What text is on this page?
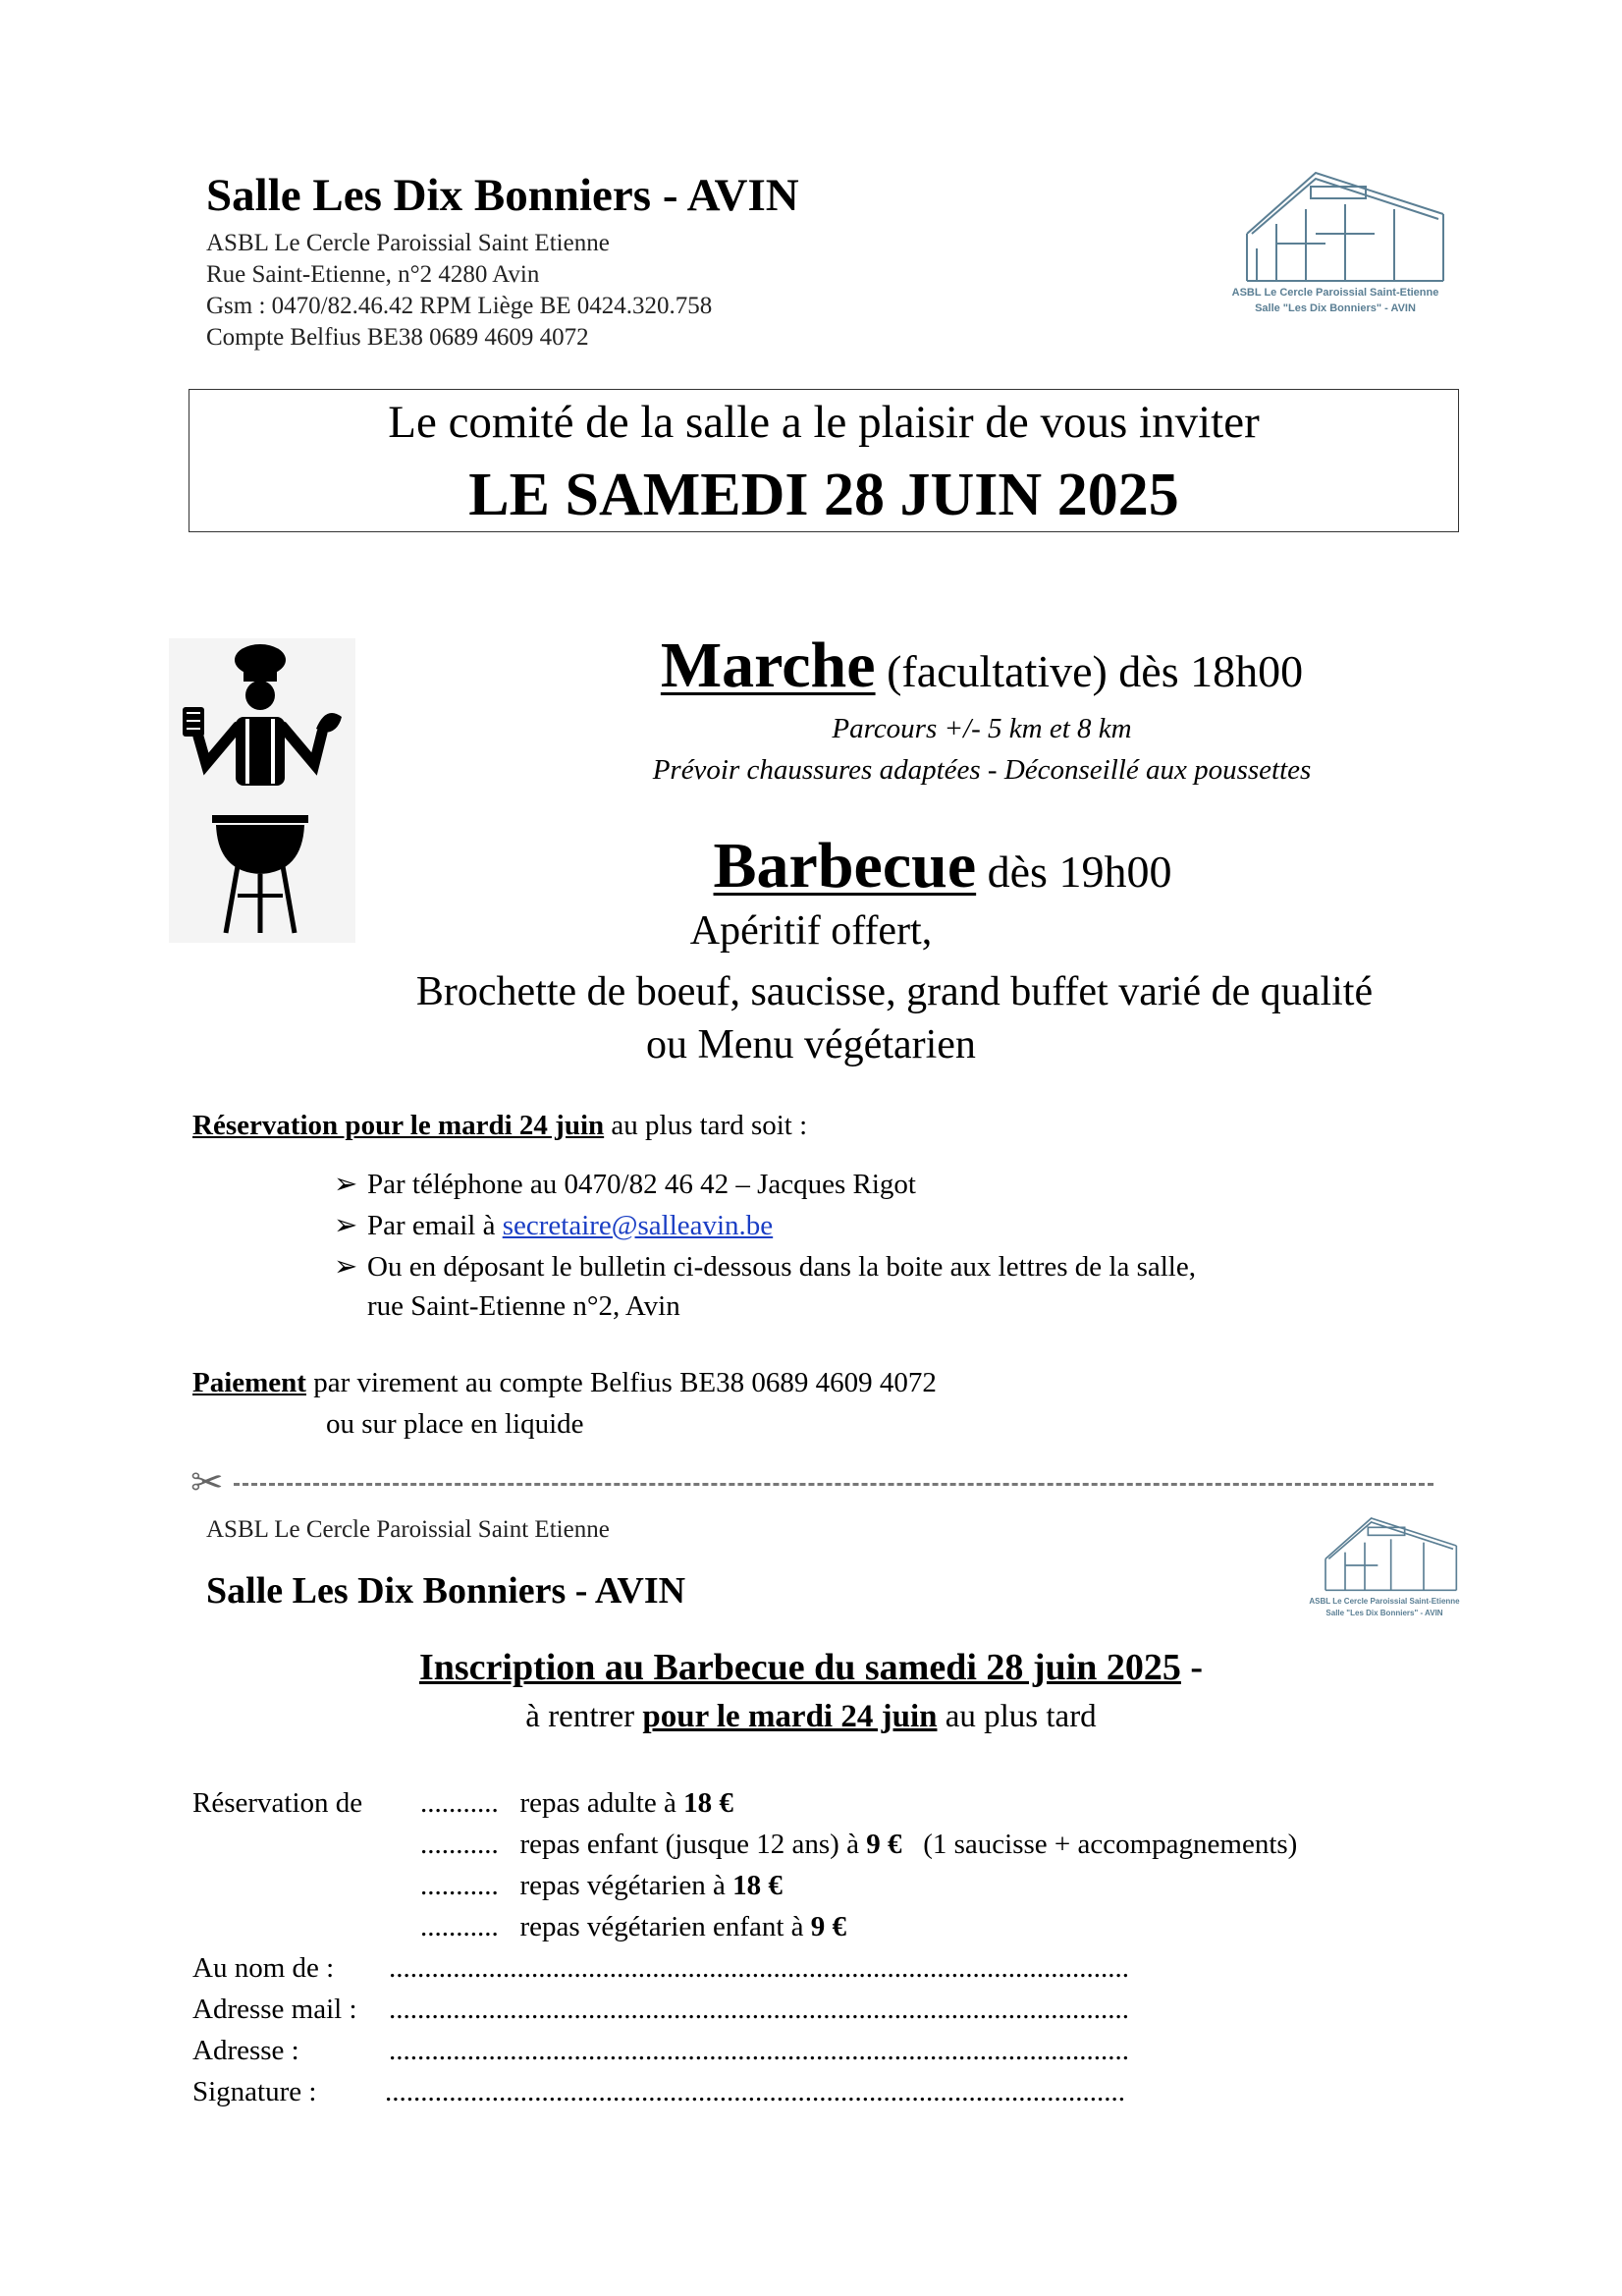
Salle Les Dix Bonniers - AVIN
ASBL Le Cercle Paroissial Saint Etienne
Rue Saint-Etienne, n°2 4280 Avin
Gsm : 0470/82.46.42 RPM Liège BE 0424.320.758
Compte Belfius BE38 0689 4609 4072
ASBL Le Cercle Paroissial Saint-Etienne
Salle "Les Dix Bonniers" - AVIN
Le comité de la salle a le plaisir de vous inviter
LE SAMEDI 28 JUIN 2025
Marche (facultative) dès 18h00
Parcours +/- 5 km et 8 km
Prévoir chaussures adaptées - Déconseillé aux poussettes
Barbecue dès 19h00
Apéritif offert,
Brochette de boeuf, saucisse, grand buffet varié de qualité
ou Menu végétarien
Réservation pour le mardi 24 juin au plus tard soit :
➢ Par téléphone au 0470/82 46 42 – Jacques Rigot
➢ Par email à secretaire@salleavin.be
➢ Ou en déposant le bulletin ci-dessous dans la boite aux lettres de la salle,
rue Saint-Etienne n°2, Avin
Paiement par virement au compte Belfius BE38 0689 4609 4072
ou sur place en liquide
✂
ASBL Le Cercle Paroissial Saint Etienne
Salle Les Dix Bonniers - AVIN	ASBL Le Cercle Paroissial Saint-Etienne
Salle "Les Dix Bonniers" - AVIN
Inscription au Barbecue du samedi 28 juin 2025 -
à rentrer pour le mardi 24 juin au plus tard
Réservation de ........... repas adulte à 18 €
........... repas enfant (jusque 12 ans) à 9 €   (1 saucisse + accompagnements)
........... repas végétarien à 18 €
........... repas végétarien enfant à 9 €
Au nom de : ........................................................................................................
Adresse mail : ........................................................................................................
Adresse :	........................................................................................................
Signature : ........................................................................................................
